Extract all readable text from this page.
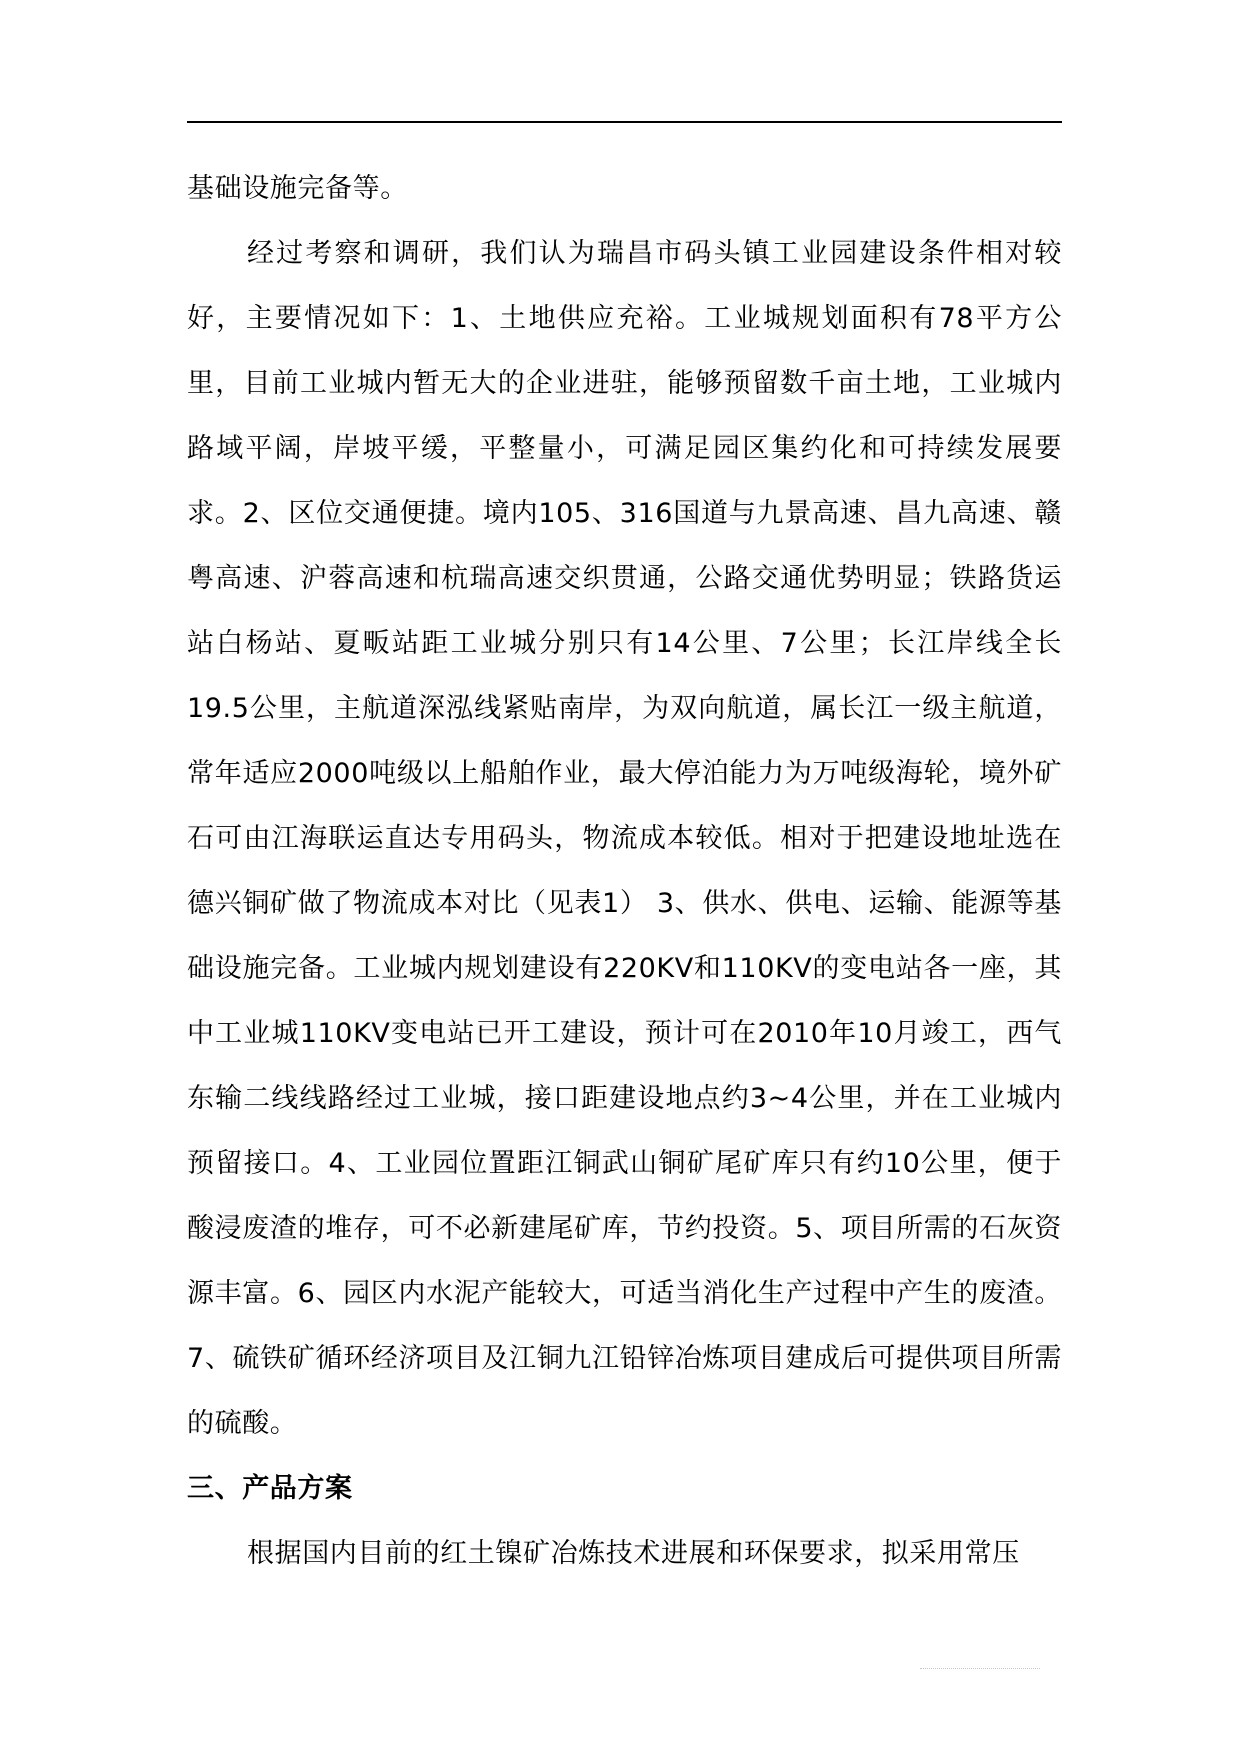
基础设施完备等。

经过考察和调研，我们认为瑞昌市码头镇工业园建设条件相对较好，主要情况如下：1、土地供应充裕。工业城规划面积有78平方公里，目前工业城内暂无大的企业进驻，能够预留数千亩土地，工业城内路域平阔，岸坡平缓，平整量小，可满足园区集约化和可持续发展要求。2、区位交通便捷。境内105、316国道与九景高速、昌九高速、赣粤高速、沪蓉高速和杭瑞高速交织贯通，公路交通优势明显；铁路货运站白杨站、夏畈站距工业城分别只有14公里、7公里；长江岸线全长19.5公里，主航道深泓线紧贴南岸，为双向航道，属长江一级主航道，常年适应2000吨级以上船舶作业，最大停泊能力为万吨级海轮，境外矿石可由江海联运直达专用码头，物流成本较低。相对于把建设地址选在德兴铜矿做了物流成本对比（见表1） 3、供水、供电、运输、能源等基础设施完备。工业城内规划建设有220KV和110KV的变电站各一座，其中工业城110KV变电站已开工建设，预计可在2010年10月竣工，西气东输二线线路经过工业城，接口距建设地点约3~4公里，并在工业城内预留接口。4、工业园位置距江铜武山铜矿尾矿库只有约10公里，便于酸浸废渣的堆存，可不必新建尾矿库，节约投资。5、项目所需的石灰资源丰富。6、园区内水泥产能较大，可适当消化生产过程中产生的废渣。7、硫铁矿循环经济项目及江铜九江铅锌冶炼项目建成后可提供项目所需的硫酸。

三、产品方案

根据国内目前的红土镍矿冶炼技术进展和环保要求，拟采用常压
